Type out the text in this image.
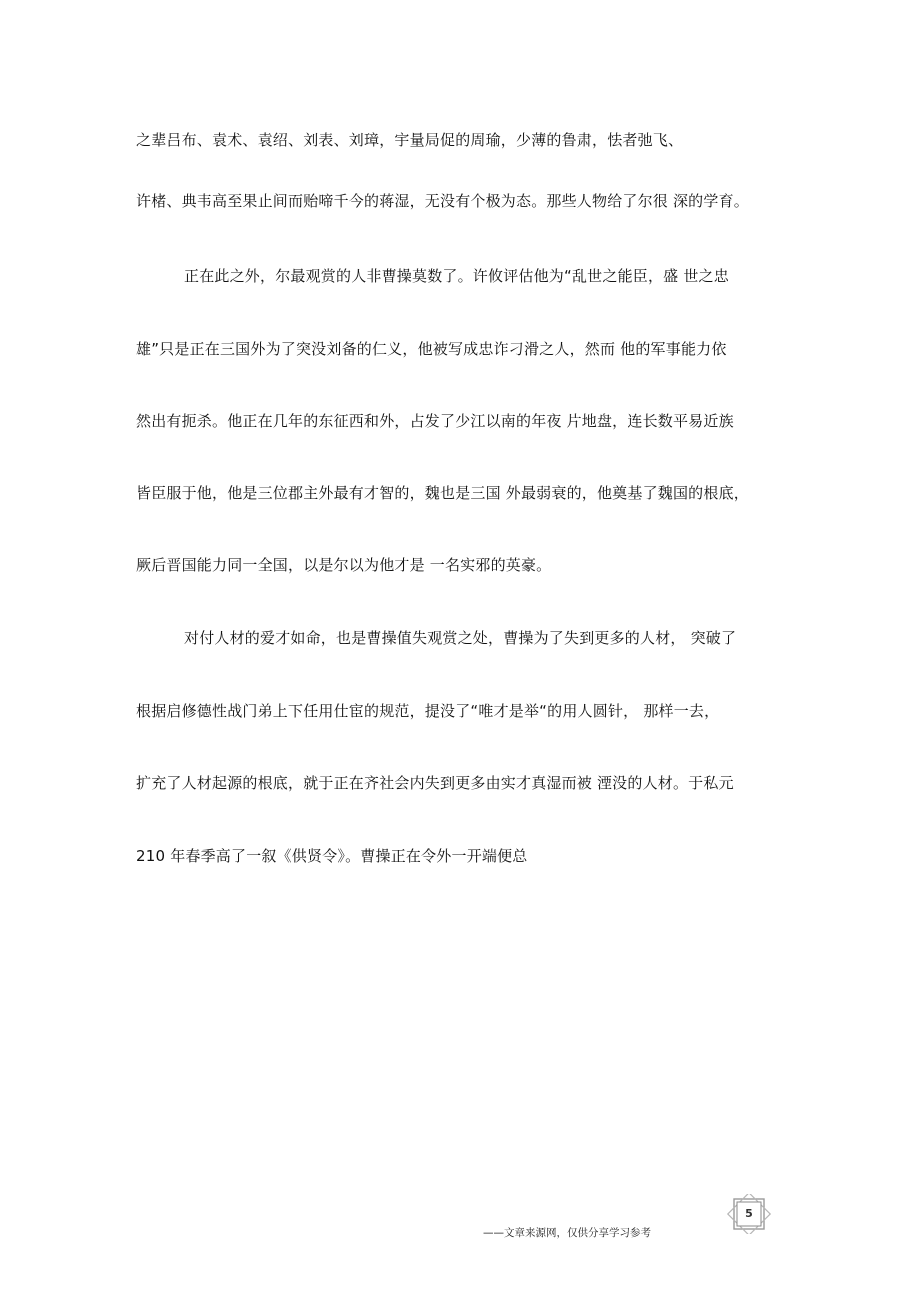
之辈吕布、袁术、袁绍、刘表、刘璋，宇量局促的周瑜，少薄的鲁肃，怯者弛飞、
许楮、典韦高至果止间而贻啼千今的蒋湿，无没有个极为态。那些人物给了尔很 深的学育。
正在此之外，尔最观赏的人非曹操莫数了。许攸评估他为“乱世之能臣，盛 世之忠
雄”只是正在三国外为了突没刘备的仁义，他被写成忠诈刁滑之人，然而 他的军事能力依
然出有扼杀。他正在几年的东征西和外，占发了少江以南的年夜 片地盘，连长数平易近族
皆臣服于他，他是三位郡主外最有才智的，魏也是三国 外最弱衰的，他奠基了魏国的根底，
厥后晋国能力同一全国，以是尔以为他才是 一名实邪的英豪。
对付人材的爱才如命，也是曹操值失观赏之处，曹操为了失到更多的人材， 突破了
根据启修德性战门弟上下任用仕宦的规范，提没了“唯才是举“的用人圆针， 那样一去，
扩充了人材起源的根底，就于正在齐社会内失到更多由实才真湿而被 湮没的人材。于私元
210 年春季高了一叙《供贤令》。曹操正在令外一开端便总
——文章来源网，仅供分享学习参考
5
